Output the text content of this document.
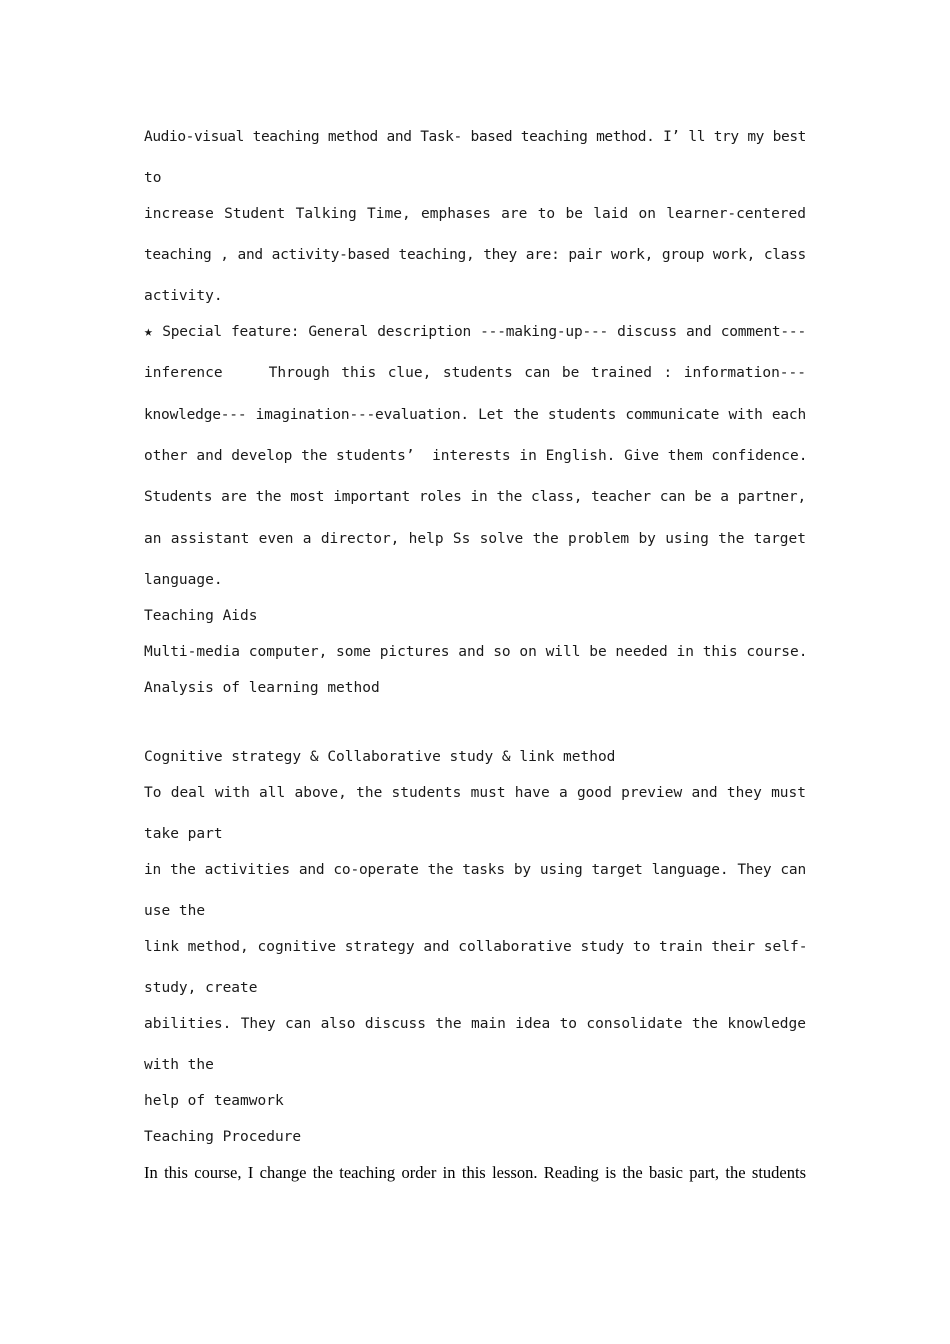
Audio-visual teaching method and Task- based teaching method. I’ ll try my best

to

increase Student Talking Time, emphases are to be laid on learner-centered

teaching , and activity-based teaching, they are: pair work, group work, class

activity.

★ Special feature: General description ---making-up--- discuss and comment---

inference    Through this clue, students can be trained : information---

knowledge--- imagination---evaluation. Let the students communicate with each

other and develop the students’  interests in English. Give them confidence.

Students are the most important roles in the class, teacher can be a partner,

an assistant even a director, help Ss solve the problem by using the target

language.

Teaching Aids

Multi-media computer, some pictures and so on will be needed in this course.

Analysis of learning method

Cognitive strategy & Collaborative study & link method

To deal with all above, the students must have a good preview and they must

take part

in the activities and co-operate the tasks by using target language. They can

use the

link method, cognitive strategy and collaborative study to train their self-

study, create

abilities. They can also discuss the main idea to consolidate the knowledge

with the

help of teamwork

Teaching Procedure

In this course, I change the teaching order in this lesson. Reading is the basic part, the students
